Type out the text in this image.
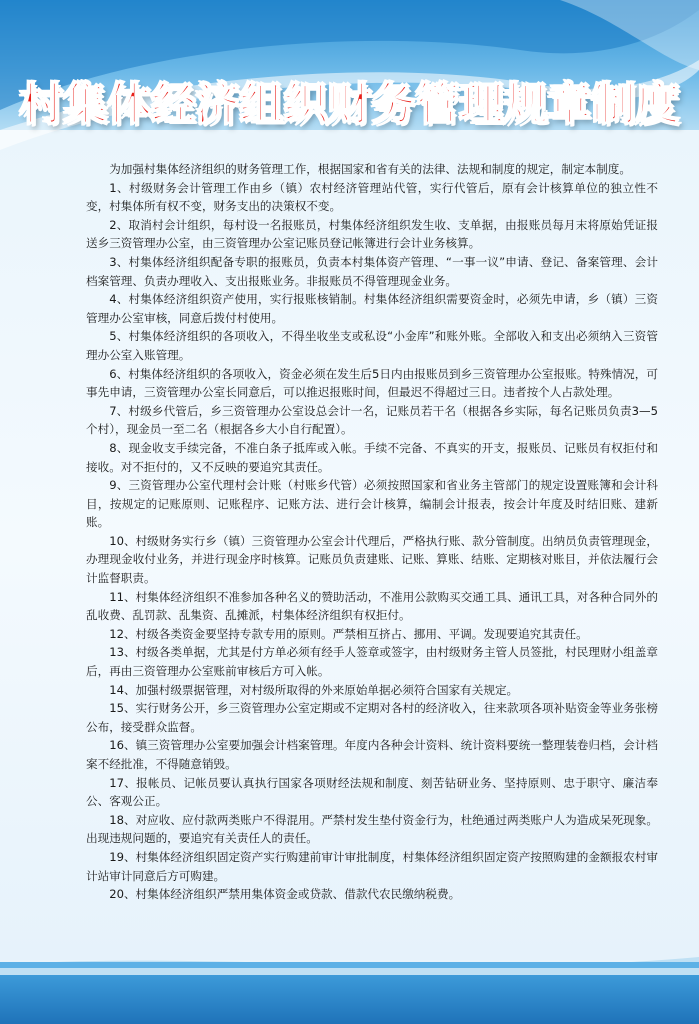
村集体经济组织财务管理规章制度

为加强村集体经济组织的财务管理工作，根据国家和省有关的法律、法规和制度的规定，制定本制度。

1、村级财务会计管理工作由乡（镇）农村经济管理站代管，实行代管后，原有会计核算单位的独立性不变，村集体所有权不变，财务支出的决策权不变。

2、取消村会计组织，每村设一名报账员，村集体经济组织发生收、支单据，由报账员每月末将原始凭证报送乡三资管理办公室，由三资管理办公室记账员登记帐簿进行会计业务核算。

3、村集体经济组织配备专职的报账员，负责本村集体资产管理、“一事一议”申请、登记、备案管理、会计档案管理、负责办理收入、支出报账业务。非报账员不得管理现金业务。

4、村集体经济组织资产使用，实行报账核销制。村集体经济组织需要资金时，必须先申请，乡（镇）三资管理办公室审核，同意后拨付村使用。

5、村集体经济组织的各项收入，不得坐收坐支或私设“小金库”和账外账。全部收入和支出必须纳入三资管理办公室入账管理。

6、村集体经济组织的各项收入，资金必须在发生后5日内由报账员到乡三资管理办公室报账。特殊情况，可事先申请，三资管理办公室长同意后，可以推迟报账时间，但最迟不得超过三日。违者按个人占款处理。

7、村级乡代管后，乡三资管理办公室设总会计一名，记账员若干名（根据各乡实际，每名记账员负责3—5个村），现金员一至二名（根据各乡大小自行配置）。

8、现金收支手续完备，不准白条子抵库或入帐。手续不完备、不真实的开支，报账员、记账员有权拒付和接收。对不拒付的，又不反映的要追究其责任。

9、三资管理办公室代理村会计账（村账乡代管）必须按照国家和省业务主管部门的规定设置账簿和会计科目，按规定的记账原则、记账程序、记账方法、进行会计核算，编制会计报表，按会计年度及时结旧账、建新账。

10、村级财务实行乡（镇）三资管理办公室会计代理后，严格执行账、款分管制度。出纳员负责管理现金，办理现金收付业务，并进行现金序时核算。记账员负责建账、记账、算账、结账、定期核对账目，并依法履行会计监督职责。

11、村集体经济组织不准参加各种名义的赞助活动，不准用公款购买交通工具、通讯工具，对各种合同外的乱收费、乱罚款、乱集资、乱摊派，村集体经济组织有权拒付。

12、村级各类资金要坚持专款专用的原则。严禁相互挤占、挪用、平调。发现要追究其责任。

13、村级各类单据，尤其是付方单必须有经手人签章或签字，由村级财务主管人员签批，村民理财小组盖章后，再由三资管理办公室账前审核后方可入帐。

14、加强村级票据管理，对村级所取得的外来原始单据必须符合国家有关规定。

15、实行财务公开，乡三资管理办公室定期或不定期对各村的经济收入，往来款项各项补贴资金等业务张榜公布，接受群众监督。

16、镇三资管理办公室要加强会计档案管理。年度内各种会计资料、统计资料要统一整理装卷归档，会计档案不经批准，不得随意销毁。

17、报帐员、记帐员要认真执行国家各项财经法规和制度、刻苦钻研业务、坚持原则、忠于职守、廉洁奉公、客观公正。

18、对应收、应付款两类账户不得混用。严禁村发生垫付资金行为，杜绝通过两类账户人为造成呆死现象。出现违规问题的，要追究有关责任人的责任。

19、村集体经济组织固定资产实行购建前审计审批制度，村集体经济组织固定资产按照购建的金额报农村审计站审计同意后方可购建。

20、村集体经济组织严禁用集体资金或贷款、借款代农民缴纳税费。
